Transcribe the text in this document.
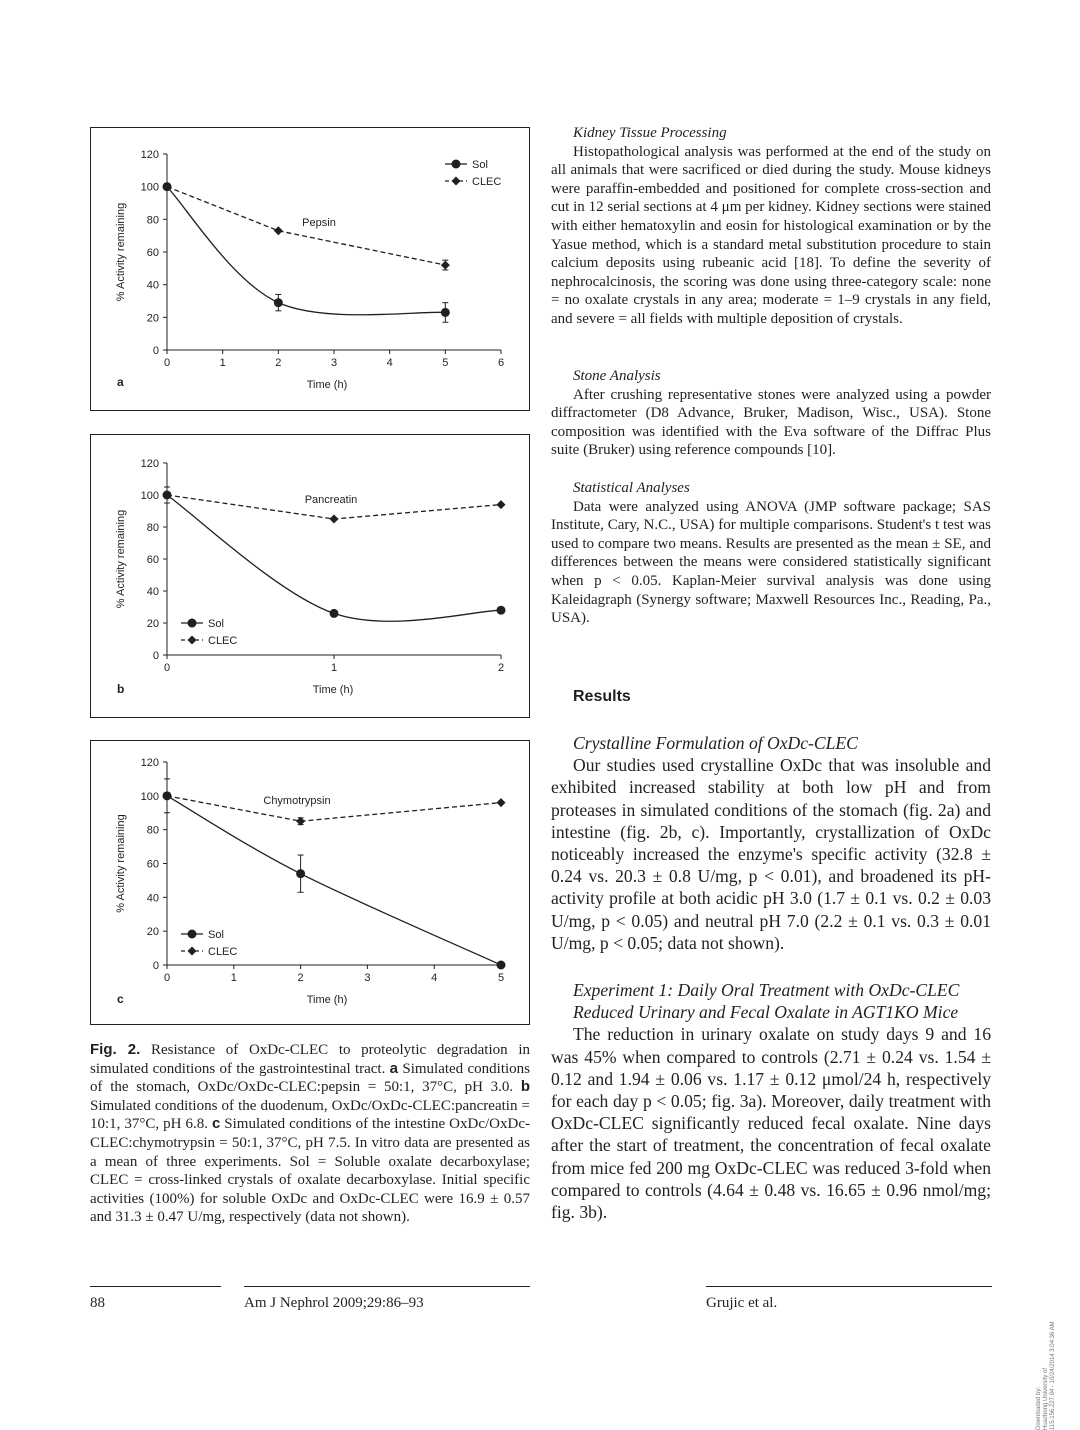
0
20
40
60
80
100
120
0	1	2	3	4	5	6
Time (h)
% Activity remaining
a
Pepsin
Sol
CLEC
0
20
40
60
80
100
120
0	1	2
Time (h)
% Activity remaining
b
Pancreatin
Sol
CLEC
0
20
40
60
80
100
120
0	1	2	3	4	5
Time (h)
% Activity remaining
c
Chymotrypsin
Sol
CLEC
Fig. 2. Resistance of OxDc-CLEC to proteolytic degradation in simulated conditions of the gastrointestinal tract. a Simulated conditions of the stomach, OxDc/OxDc-CLEC:pepsin = 50:1, 37°C, pH 3.0. b Simulated conditions of the duodenum, OxDc/OxDc-CLEC:pancreatin = 10:1, 37°C, pH 6.8. c Simulated conditions of the intestine OxDc/OxDc-CLEC:chymotrypsin = 50:1, 37°C, pH 7.5. In vitro data are presented as a mean of three experiments. Sol = Soluble oxalate decarboxylase; CLEC = cross-linked crystals of oxalate decarboxylase. Initial specific activities (100%) for soluble OxDc and OxDc-CLEC were 16.9 ± 0.57 and 31.3 ± 0.47 U/mg, respectively (data not shown).
Kidney Tissue Processing
Histopathological analysis was performed at the end of the study on all animals that were sacrificed or died during the study. Mouse kidneys were paraffin-embedded and positioned for complete cross-section and cut in 12 serial sections at 4 μm per kidney. Kidney sections were stained with either hematoxylin and eosin for histological examination or by the Yasue method, which is a standard metal substitution procedure to stain calcium deposits using rubeanic acid [18]. To define the severity of nephrocalcinosis, the scoring was done using three-category scale: none = no oxalate crystals in any area; moderate = 1–9 crystals in any field, and severe = all fields with multiple deposition of crystals.
Stone Analysis
After crushing representative stones were analyzed using a powder diffractometer (D8 Advance, Bruker, Madison, Wisc., USA). Stone composition was identified with the Eva software of the Diffrac Plus suite (Bruker) using reference compounds [10].
Statistical Analyses
Data were analyzed using ANOVA (JMP software package; SAS Institute, Cary, N.C., USA) for multiple comparisons. Student's t test was used to compare two means. Results are presented as the mean ± SE, and differences between the means were considered statistically significant when p < 0.05. Kaplan-Meier survival analysis was done using Kaleidagraph (Synergy software; Maxwell Resources Inc., Reading, Pa., USA).
Results
Crystalline Formulation of OxDc-CLEC
Our studies used crystalline OxDc that was insoluble and exhibited increased stability at both low pH and from proteases in simulated conditions of the stomach (fig. 2a) and intestine (fig. 2b, c). Importantly, crystallization of OxDc noticeably increased the enzyme's specific activity (32.8 ± 0.24 vs. 20.3 ± 0.8 U/mg, p < 0.01), and broadened its pH-activity profile at both acidic pH 3.0 (1.7 ± 0.1 vs. 0.2 ± 0.03 U/mg, p < 0.05) and neutral pH 7.0 (2.2 ± 0.1 vs. 0.3 ± 0.01 U/mg, p < 0.05; data not shown).
Experiment 1: Daily Oral Treatment with OxDc-CLEC Reduced Urinary and Fecal Oxalate in AGT1KO Mice
The reduction in urinary oxalate on study days 9 and 16 was 45% when compared to controls (2.71 ± 0.24 vs. 1.54 ± 0.12 and 1.94 ± 0.06 vs. 1.17 ± 0.12 μmol/24 h, respectively for each day p < 0.05; fig. 3a). Moreover, daily treatment with OxDc-CLEC significantly reduced fecal oxalate. Nine days after the start of treatment, the concentration of fecal oxalate from mice fed 200 mg OxDc-CLEC was reduced 3-fold when compared to controls (4.64 ± 0.48 vs. 16.65 ± 0.96 nmol/mg; fig. 3b).
88	Am J Nephrol 2009;29:86–93	Grujic et al.
Downloaded by:
Huazhong University of
115.156.227.94 - 10/24/2014 3:04:36 AM
